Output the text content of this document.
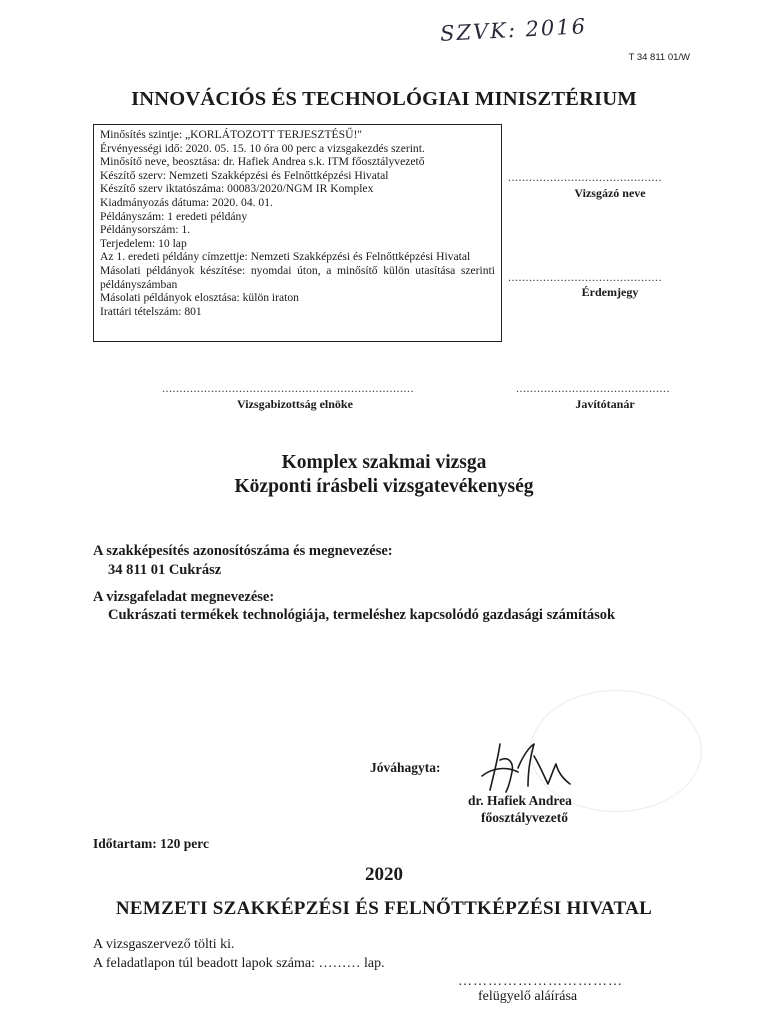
SZVK: 2016
T 34 811 01/W
INNOVÁCIÓS ÉS TECHNOLÓGIAI MINISZTÉRIUM
Minősítés szintje: „KORLÁTOZOTT TERJESZTÉSŰ!"
Érvényességi idő: 2020. 05. 15. 10 óra 00 perc a vizsgakezdés szerint.
Minősítő neve, beosztása: dr. Hafiek Andrea s.k. ITM főosztályvezető
Készítő szerv: Nemzeti Szakképzési és Felnőttképzési Hivatal
Készítő szerv iktatószáma: 00083/2020/NGM IR Komplex
Kiadmányozás dátuma: 2020. 04. 01.
Példányszám: 1 eredeti példány
Példánysorszám: 1.
Terjedelem: 10 lap
Az 1. eredeti példány címzettje: Nemzeti Szakképzési és Felnőttképzési Hivatal
Másolati példányok készítése: nyomdai úton, a minősítő külön utasítása szerinti példányszámban
Másolati példányok elosztása: külön iraton
Irattári tételszám: 801
............................................
Vizsgázó neve
............................................
Érdemjegy
........................................................................
Vizsgabizottság elnöke
............................................
Javítótanár
Komplex szakmai vizsga
Központi írásbeli vizsgatevékenység
A szakképesítés azonosítószáma és megnevezése:
34 811 01 Cukrász
A vizsgafeladat megnevezése:
Cukrászati termékek technológiája, termeléshez kapcsolódó gazdasági számítások
Jóváhagyta:
dr. Hafiek Andrea
főosztályvezető
Időtartam: 120 perc
2020
NEMZETI SZAKKÉPZÉSI ÉS FELNŐTTKÉPZÉSI HIVATAL
A vizsgaszervező tölti ki.
A feladatlapon túl beadott lapok száma: ……… lap.
……………………………
felügyelő aláírása
